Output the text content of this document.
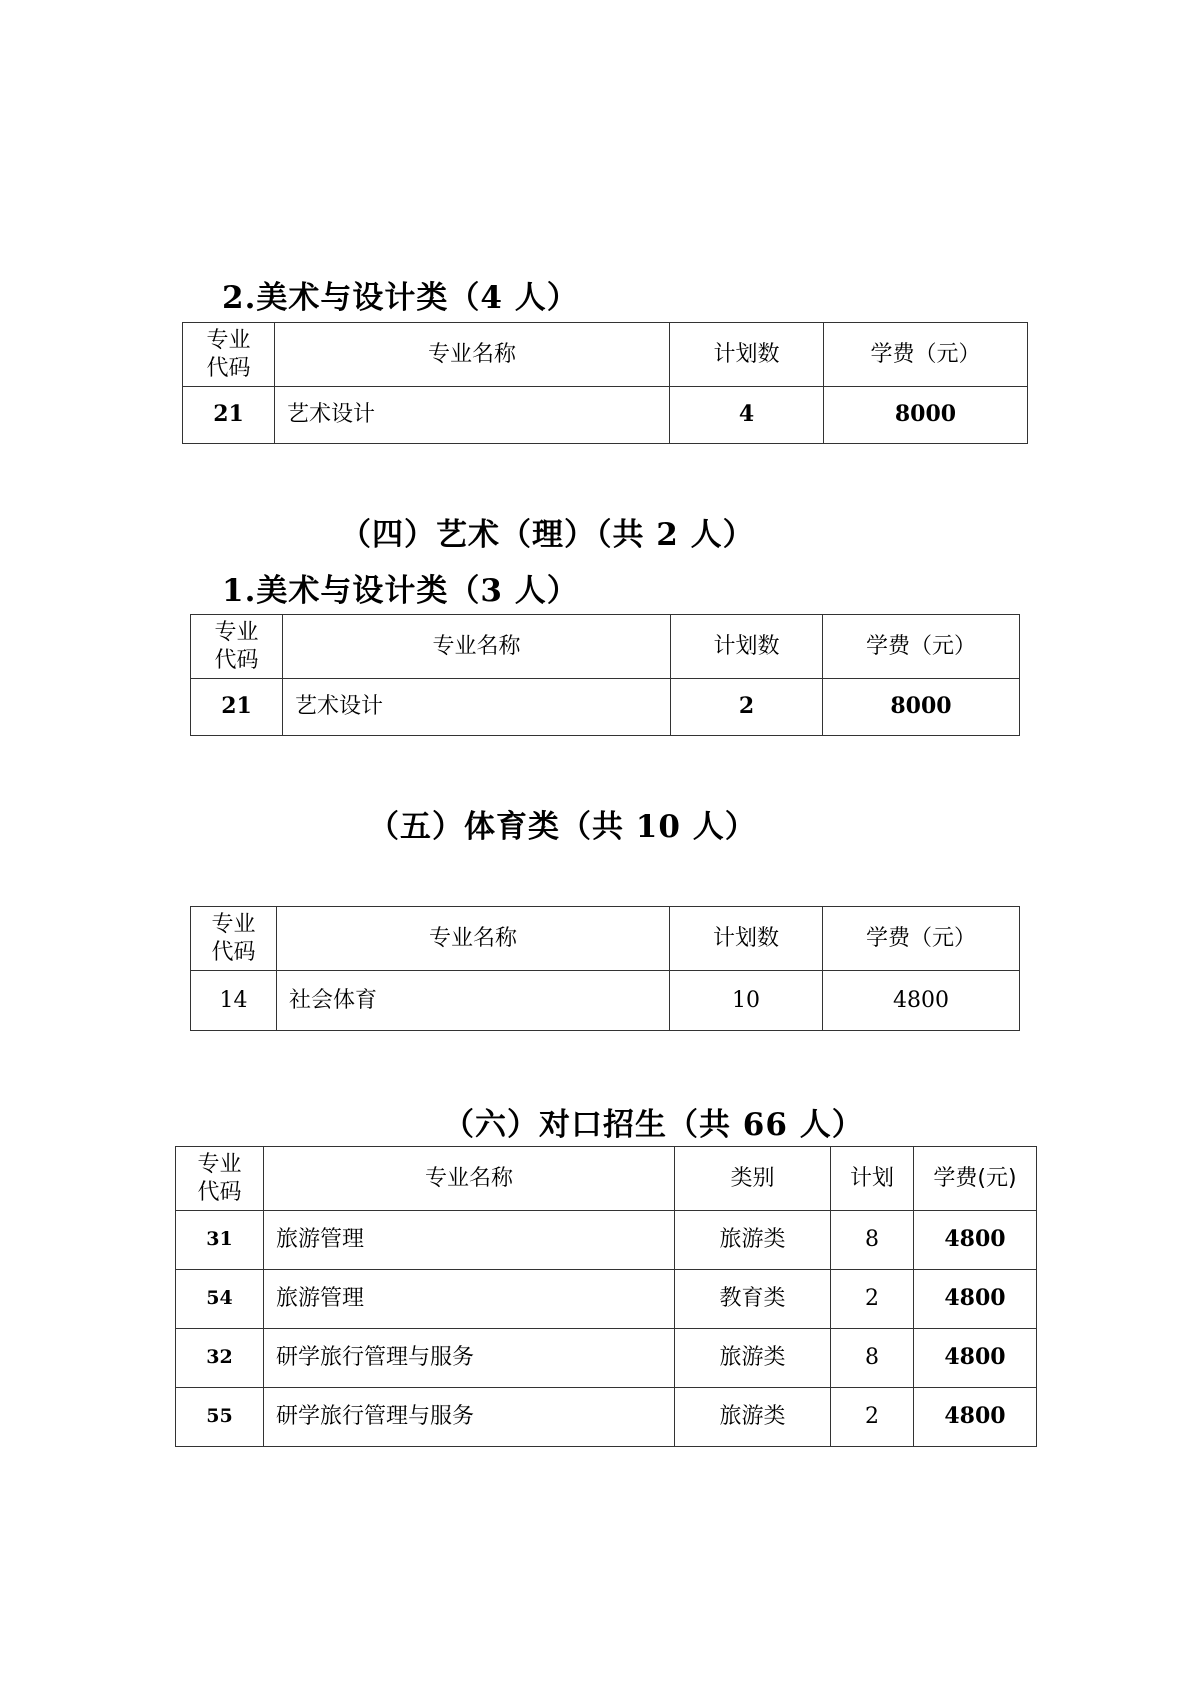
2.美术与设计类（4 人）
专业
代码	专业名称	计划数	学费（元）
21	艺术设计	4	8000
（四）艺术（理）（共 2 人）
1.美术与设计类（3 人）
专业
代码	专业名称	计划数	学费（元）
21	艺术设计	2	8000
（五）体育类（共 10 人）
专业
代码	专业名称	计划数	学费（元）
14	社会体育	10	4800
（六）对口招生（共 66 人）
专业
代码	专业名称	类别	计划	学费(元)
31	旅游管理	旅游类	8	4800
54	旅游管理	教育类	2	4800
32	研学旅行管理与服务	旅游类	8	4800
55	研学旅行管理与服务	旅游类	2	4800
